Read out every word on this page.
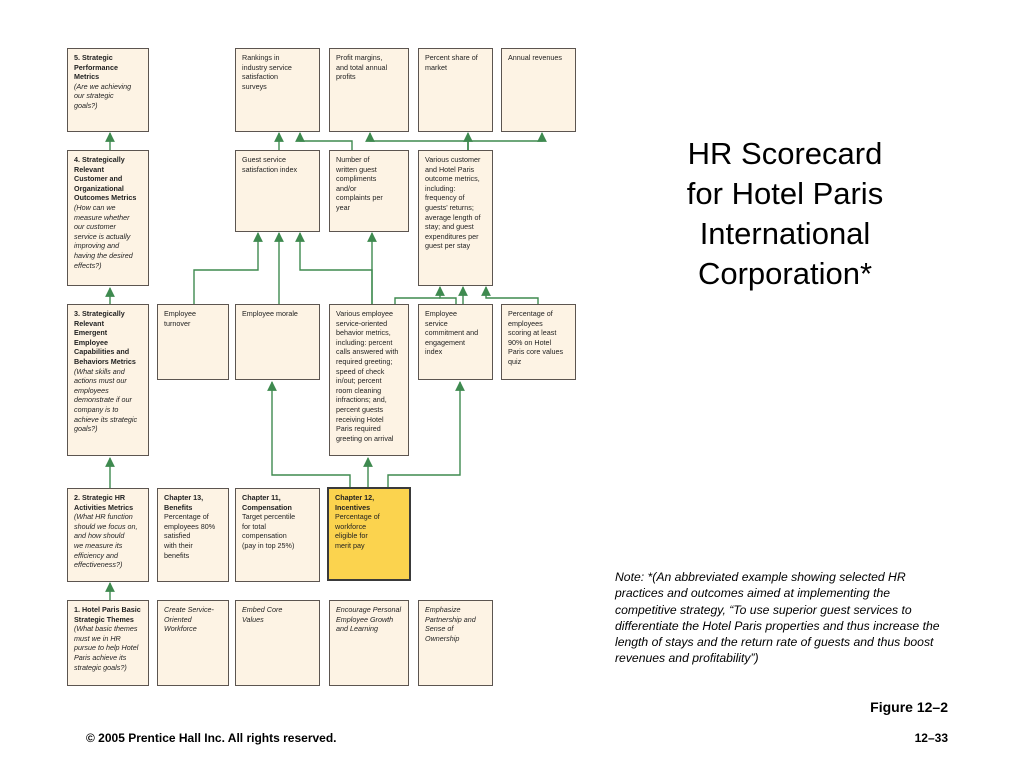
5. Strategic
Performance
Metrics
(Are we achieving
our strategic
goals?)
Rankings in
industry service
satisfaction
surveys
Profit margins,
and total annual
profits
Percent share of
market
Annual revenues
4. Strategically
Relevant
Customer and
Organizational
Outcomes Metrics
(How can we
measure whether
our customer
service is actually
improving and
having the desired
effects?)
Guest service
satisfaction index
Number of
written guest
compliments
and/or
complaints per
year
Various customer
and Hotel Paris
outcome metrics,
including:
frequency of
guests’ returns;
average length of
stay; and guest
expenditures per
guest per stay
3. Strategically
Relevant
Emergent
Employee
Capabilities and
Behaviors Metrics
(What skills and
actions must our
employees
demonstrate if our
company is to
achieve its strategic
goals?)
Employee
turnover
Employee morale	Various employee
service-oriented
behavior metrics,
including: percent
calls answered with
required greeting;
speed of check
in/out; percent
room cleaning
infractions; and,
percent guests
receiving Hotel
Paris required
greeting on arrival
Employee
service
commitment and
engagement
index
Percentage of
employees
scoring at least
90% on Hotel
Paris core values
quiz
2. Strategic HR
Activities Metrics
(What HR function
should we focus on,
and how should
we measure its
efficiency and
effectiveness?)
Chapter 13,
Benefits
Percentage of
employees 80%
satisfied
with their
benefits
Chapter 11,
Compensation
Target percentile
for total
compensation
(pay in top 25%)
Chapter 12,
Incentives
Percentage of
workforce
eligible for
merit pay
1. Hotel Paris Basic
Strategic Themes
(What basic themes
must we in HR
pursue to help Hotel
Paris achieve its
strategic goals?)
Create Service-
Oriented
Workforce
Embed Core
Values
Encourage Personal
Employee Growth
and Learning
Emphasize
Partnership and
Sense of
Ownership
HR Scorecard
for Hotel Paris
International
Corporation*
Note: *(An abbreviated example showing selected HR practices and outcomes aimed at implementing the competitive strategy, “To use superior guest services to differentiate the Hotel Paris properties and thus increase the length of stays and the return rate of guests and thus boost revenues and profitability”)
Figure 12–2
© 2005 Prentice Hall Inc. All rights reserved.	12–33
